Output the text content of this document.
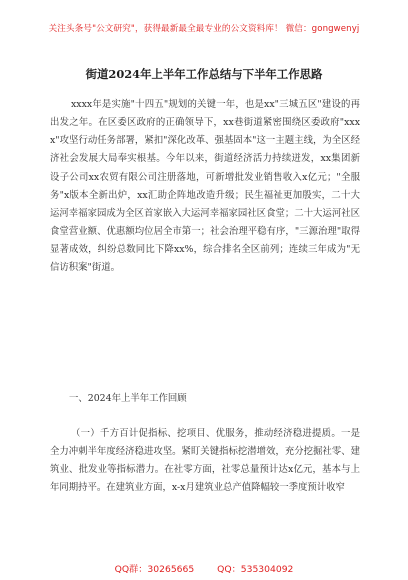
关注头条号"公文研究"，获得最新最全最专业的公文资料库！ 微信：gongwenyj
街道2024年上半年工作总结与下半年工作思路
xxxx年是实施"十四五"规划的关键一年，也是xx"三城五区"建设的再出发之年。在区委区政府的正确领导下，xx巷街道紧密围绕区委政府"xxxx"攻坚行动任务部署，紧扣"深化改革、强基固本"这一主题主线，为全区经济社会发展大局奉实根基。今年以来，街道经济活力持续迸发，xx集团新设子公司xx农贸有限公司注册落地，可新增批发业销售收入x亿元；"全服务"x版本全新出炉，xx汇助企阵地改造升级；民生福祉更加殷实，二十大运河幸福家园成为全区首家嵌入大运河幸福家园社区食堂；二十大运河社区食堂营业额、优惠额均位居全市第一；社会治理平稳有序，"三源治理"取得显著成效，纠纷总数同比下降xx%，综合排名全区前列；连续三年成为"无信访积案"街道。
一、2024年上半年工作回顾
（一）千方百计促指标、挖项目、优服务，推动经济稳进提质。一是全力冲刺半年度经济稳进攻坚。紧盯关键指标挖潜增效，充分挖掘社零、建筑业、批发业等指标潜力。在社零方面，社零总量预计达x亿元，基本与上年同期持平。在建筑业方面，x-x月建筑业总产值降幅较一季度预计收窄
QQ群：30265665 QQ：535304092
